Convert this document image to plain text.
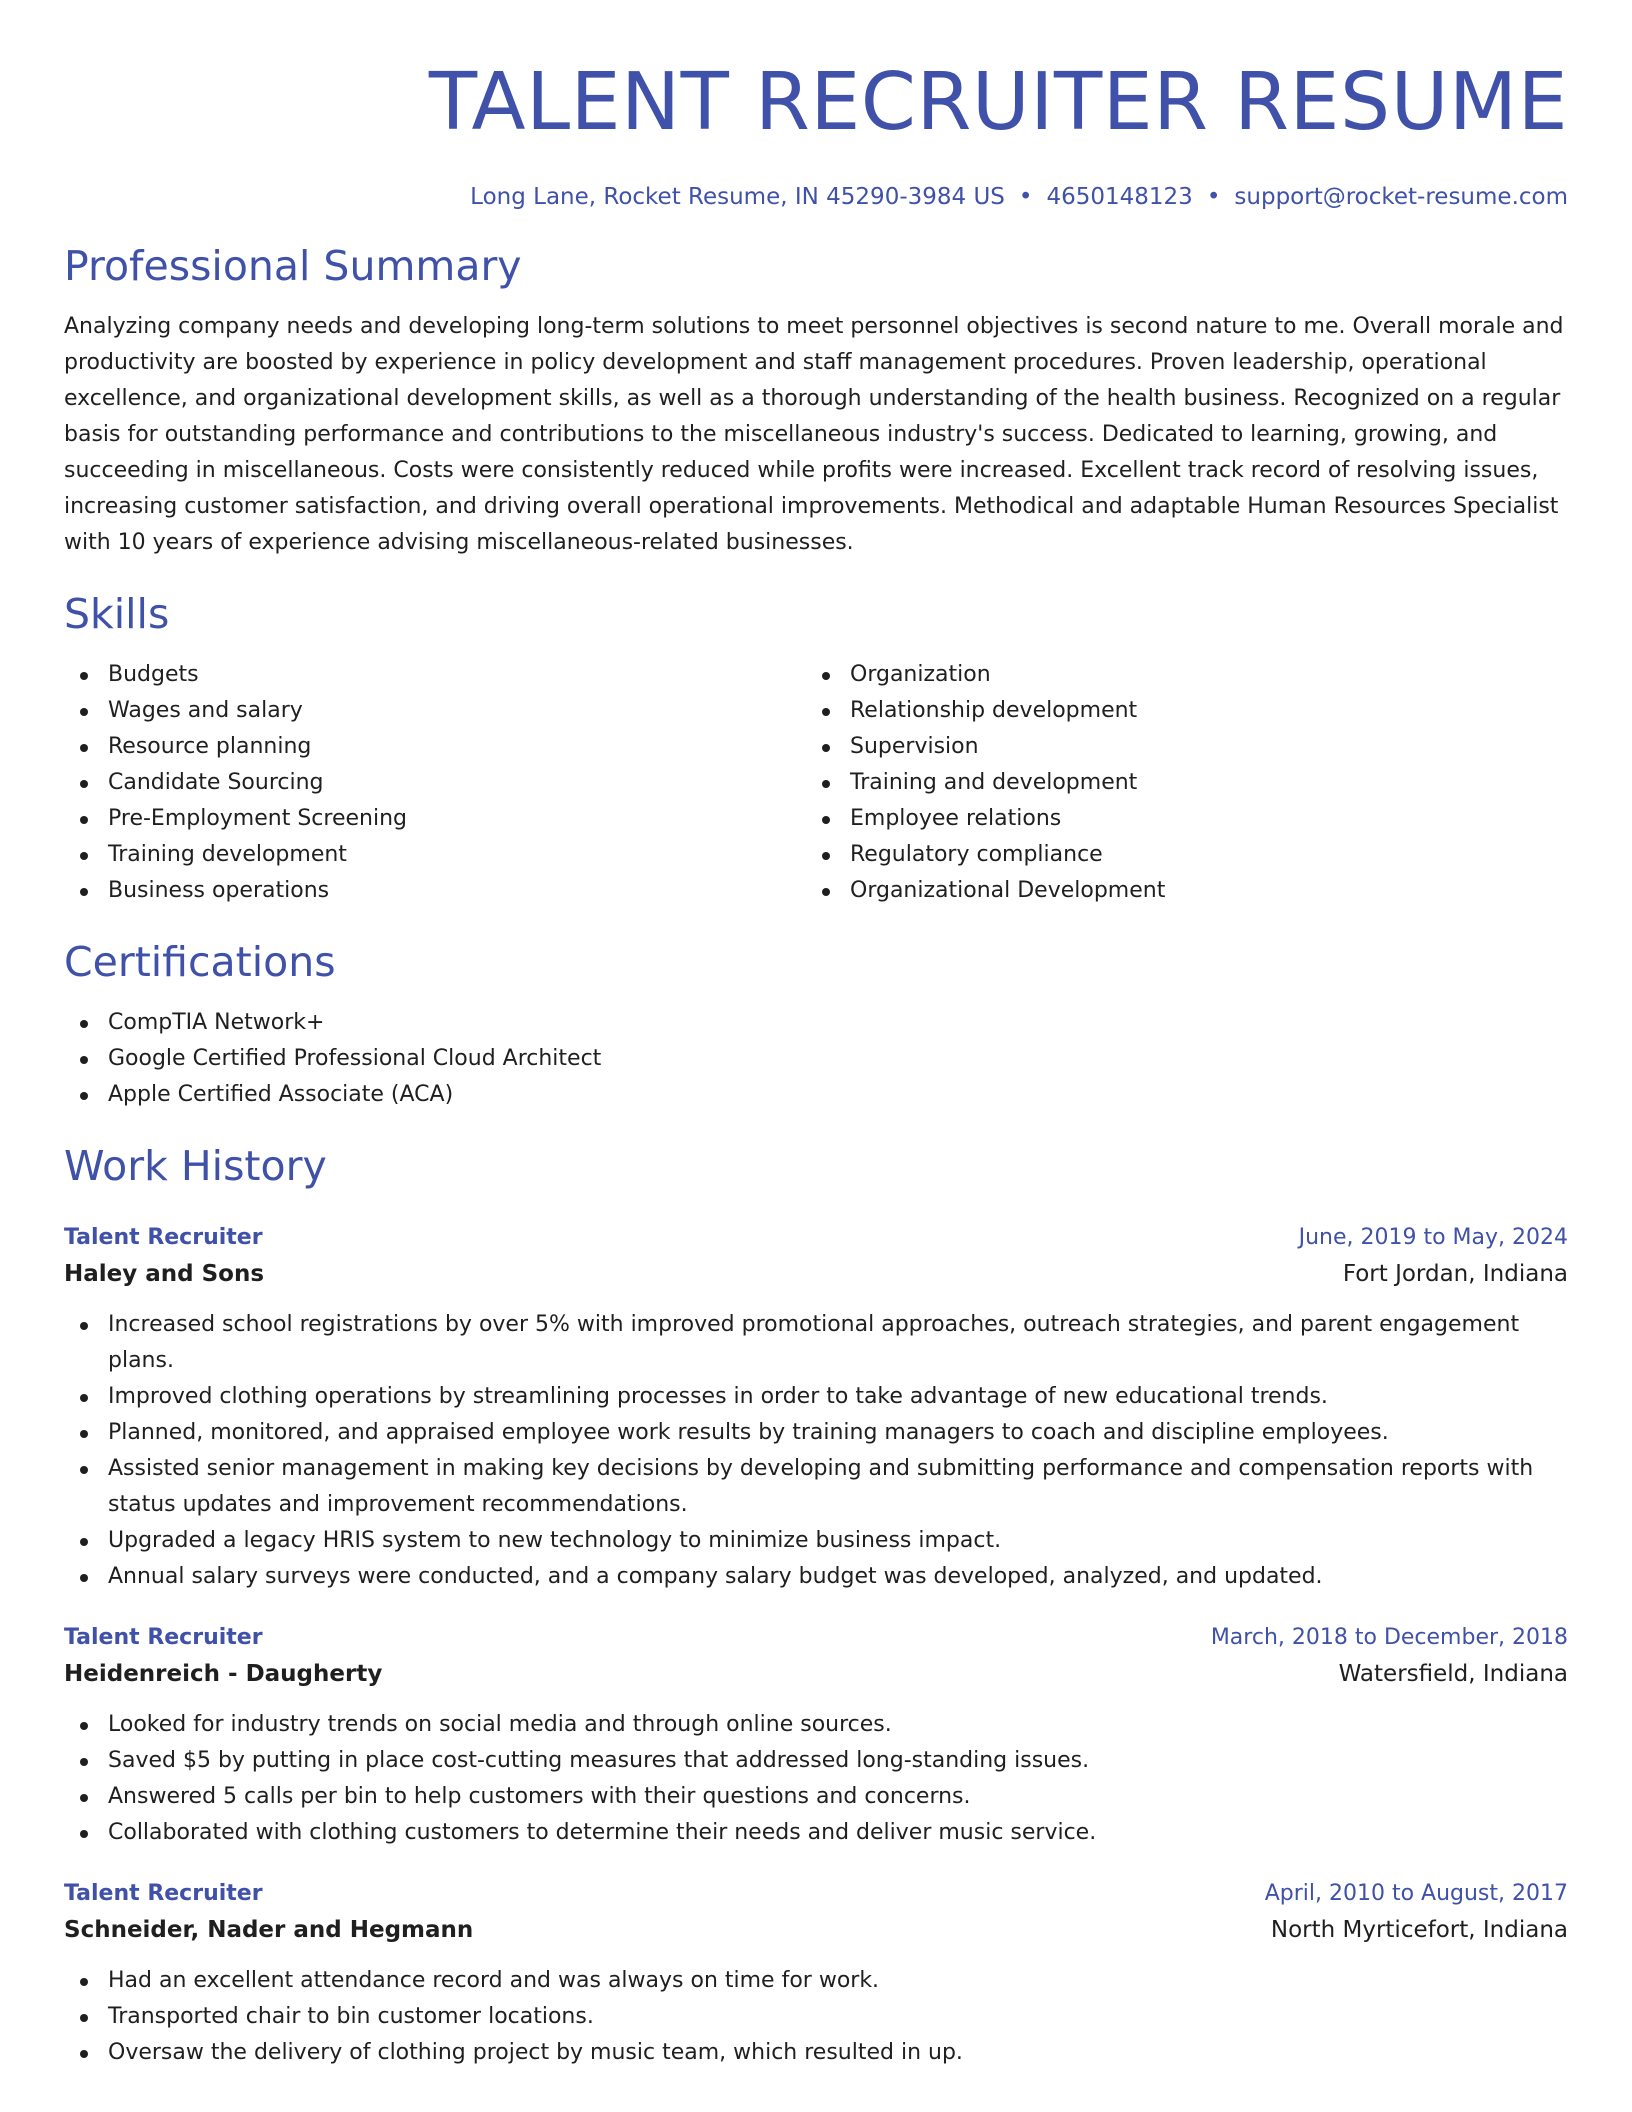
TALENT RECRUITER RESUME
Long Lane, Rocket Resume, IN 45290-3984 US • 4650148123 • support@rocket-resume.com
Professional Summary

Analyzing company needs and developing long-term solutions to meet personnel objectives is second nature to me. Overall morale and productivity are boosted by experience in policy development and staff management procedures. Proven leadership, operational excellence, and organizational development skills, as well as a thorough understanding of the health business. Recognized on a regular basis for outstanding performance and contributions to the miscellaneous industry's success. Dedicated to learning, growing, and succeeding in miscellaneous. Costs were consistently reduced while profits were increased. Excellent track record of resolving issues, increasing customer satisfaction, and driving overall operational improvements. Methodical and adaptable Human Resources Specialist with 10 years of experience advising miscellaneous-related businesses.

Skills
Budgets
Wages and salary
Resource planning
Candidate Sourcing
Pre-Employment Screening
Training development
Business operations
Organization
Relationship development
Supervision
Training and development
Employee relations
Regulatory compliance
Organizational Development
Certifications
CompTIA Network+
Google Certified Professional Cloud Architect
Apple Certified Associate (ACA)
Work History
Talent Recruiter	June, 2019 to May, 2024
Haley and Sons	Fort Jordan, Indiana
Increased school registrations by over 5% with improved promotional approaches, outreach strategies, and parent engagement plans.
Improved clothing operations by streamlining processes in order to take advantage of new educational trends.
Planned, monitored, and appraised employee work results by training managers to coach and discipline employees.
Assisted senior management in making key decisions by developing and submitting performance and compensation reports with status updates and improvement recommendations.
Upgraded a legacy HRIS system to new technology to minimize business impact.
Annual salary surveys were conducted, and a company salary budget was developed, analyzed, and updated.
Talent Recruiter	March, 2018 to December, 2018
Heidenreich - Daugherty	Watersfield, Indiana
Looked for industry trends on social media and through online sources.
Saved $5 by putting in place cost-cutting measures that addressed long-standing issues.
Answered 5 calls per bin to help customers with their questions and concerns.
Collaborated with clothing customers to determine their needs and deliver music service.
Talent Recruiter	April, 2010 to August, 2017
Schneider, Nader and Hegmann	North Myrticefort, Indiana
Had an excellent attendance record and was always on time for work.
Transported chair to bin customer locations.
Oversaw the delivery of clothing project by music team, which resulted in up.
